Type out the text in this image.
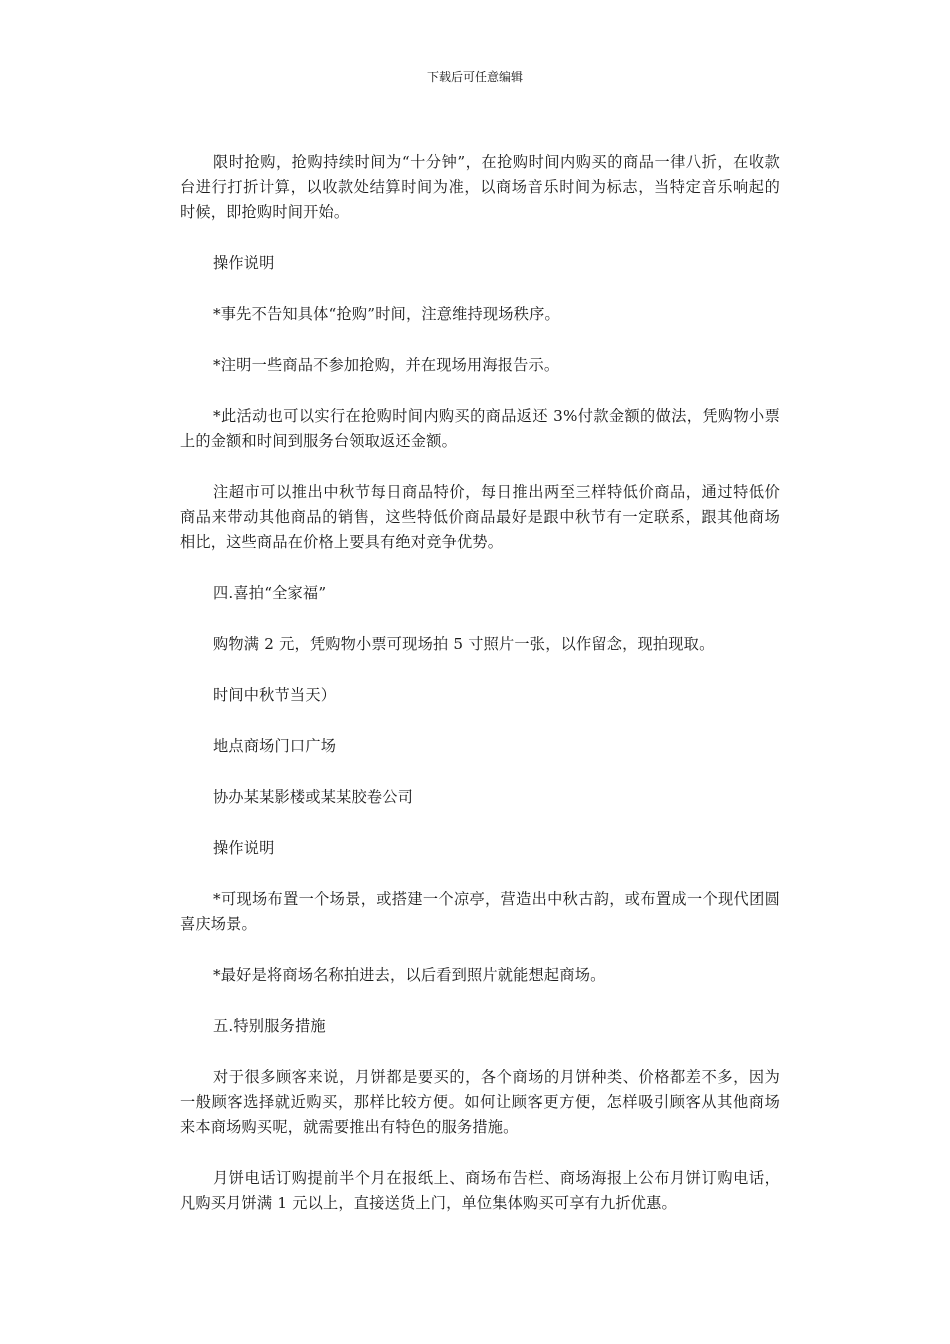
下载后可任意编辑

限时抢购，抢购持续时间为“十分钟”，在抢购时间内购买的商品一律八折，在收款台进行打折计算，以收款处结算时间为准，以商场音乐时间为标志，当特定音乐响起的时候，即抢购时间开始。

操作说明

*事先不告知具体“抢购”时间，注意维持现场秩序。

*注明一些商品不参加抢购，并在现场用海报告示。

*此活动也可以实行在抢购时间内购买的商品返还 3%付款金额的做法，凭购物小票上的金额和时间到服务台领取返还金额。

注超市可以推出中秋节每日商品特价，每日推出两至三样特低价商品，通过特低价商品来带动其他商品的销售，这些特低价商品最好是跟中秋节有一定联系，跟其他商场相比，这些商品在价格上要具有绝对竞争优势。

四.喜拍“全家福”

购物满 2 元，凭购物小票可现场拍 5 寸照片一张，以作留念，现拍现取。

时间中秋节当天）

地点商场门口广场

协办某某影楼或某某胶卷公司

操作说明

*可现场布置一个场景，或搭建一个凉亭，营造出中秋古韵，或布置成一个现代团圆喜庆场景。

*最好是将商场名称拍进去，以后看到照片就能想起商场。

五.特别服务措施

对于很多顾客来说，月饼都是要买的，各个商场的月饼种类、价格都差不多，因为一般顾客选择就近购买，那样比较方便。如何让顾客更方便，怎样吸引顾客从其他商场来本商场购买呢，就需要推出有特色的服务措施。

月饼电话订购提前半个月在报纸上、商场布告栏、商场海报上公布月饼订购电话，凡购买月饼满 1 元以上，直接送货上门，单位集体购买可享有九折优惠。
